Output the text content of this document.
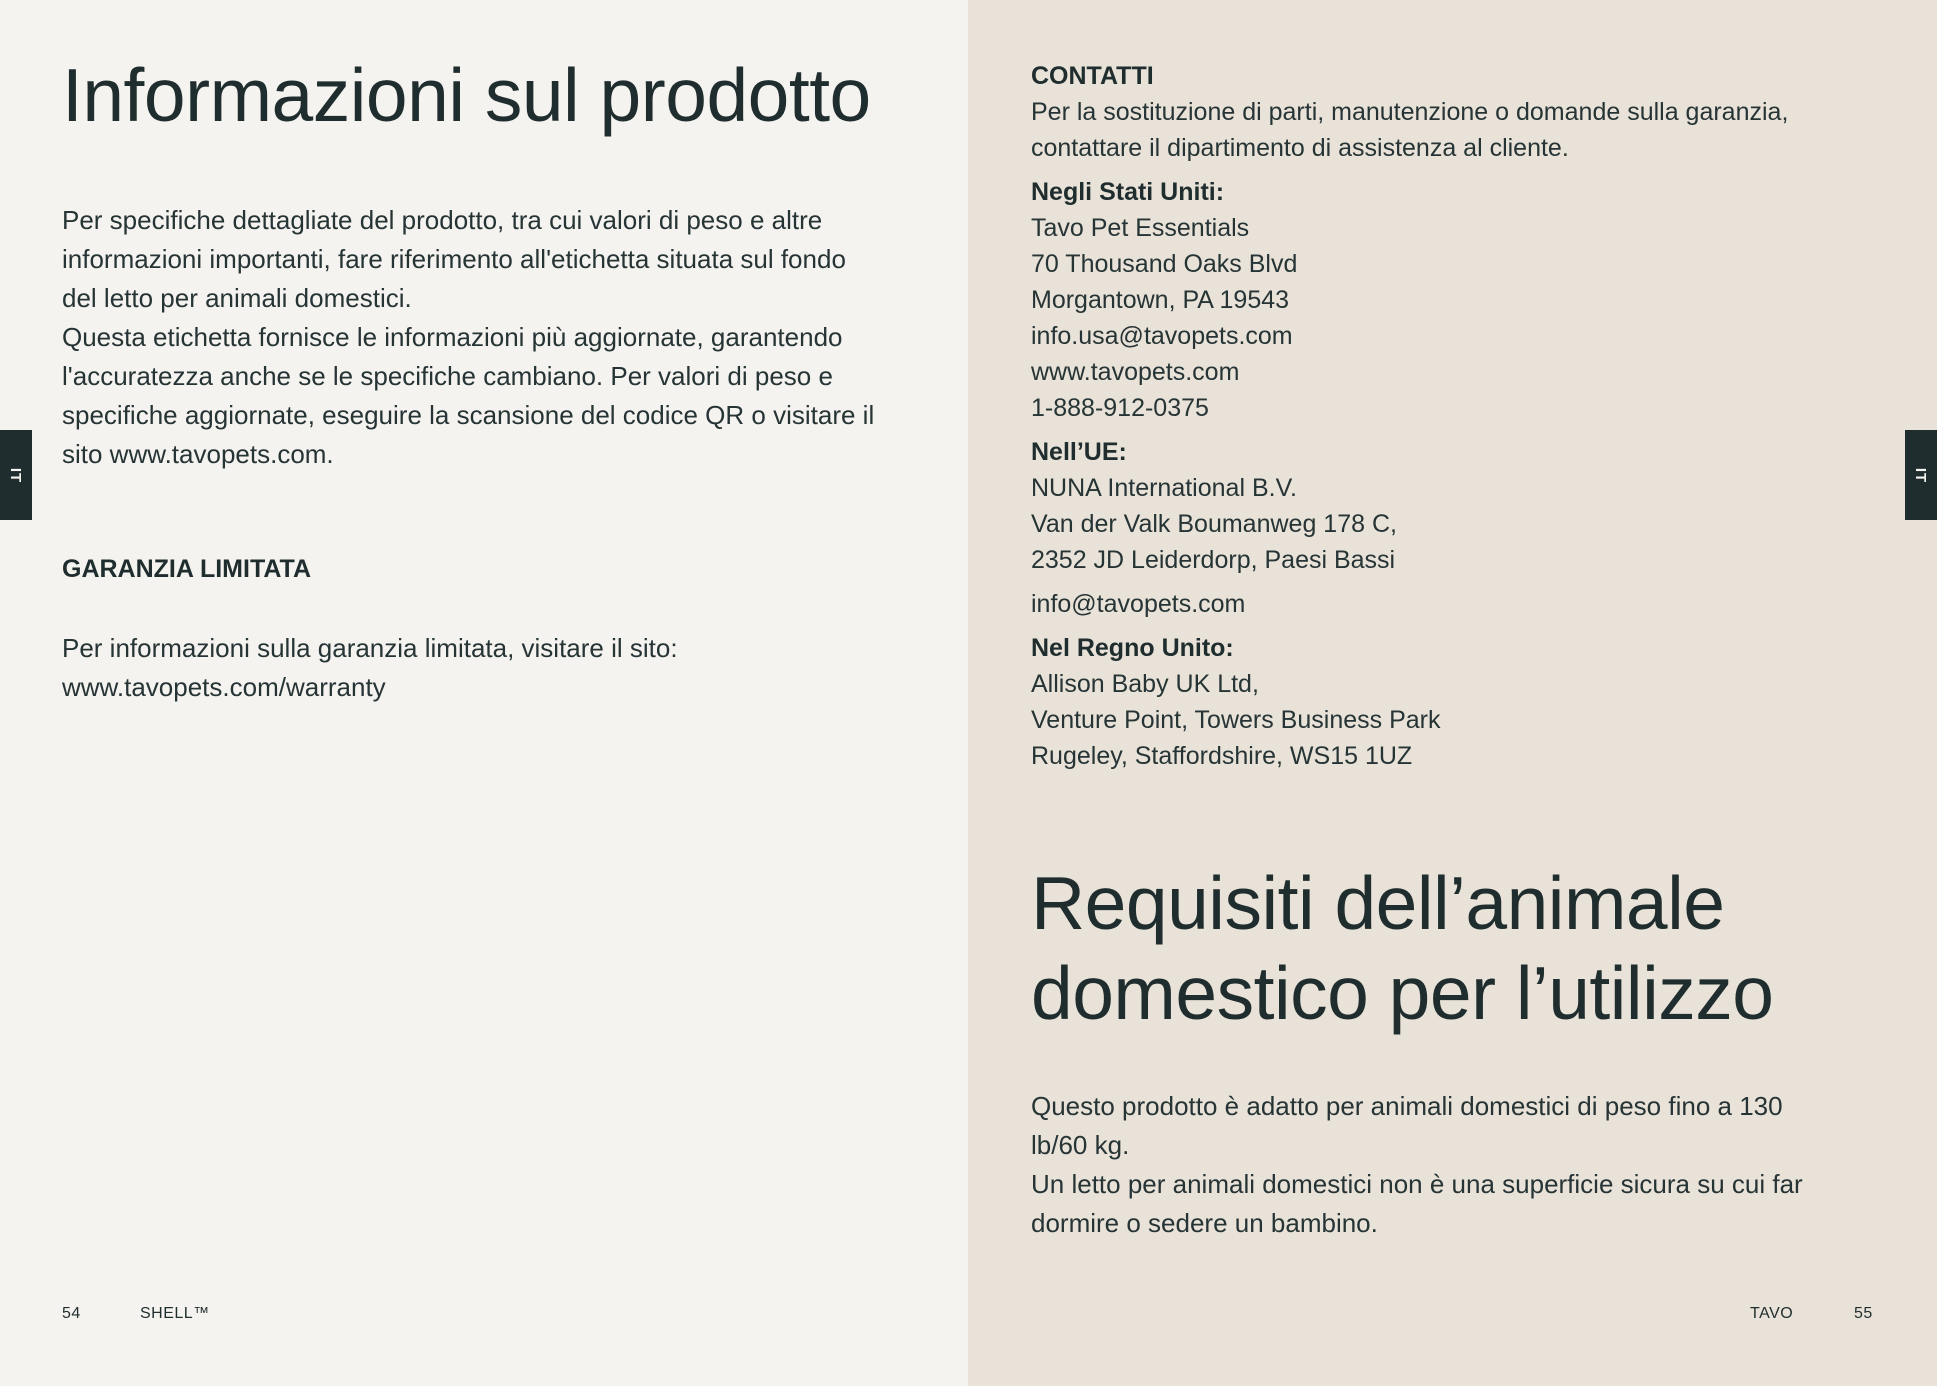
IT
Informazioni sul prodotto
Per specifiche dettagliate del prodotto, tra cui valori di peso e altre
informazioni importanti, fare riferimento all'etichetta situata sul fondo
del letto per animali domestici.
Questa etichetta fornisce le informazioni più aggiornate, garantendo
l'accuratezza anche se le specifiche cambiano. Per valori di peso e
specifiche aggiornate, eseguire la scansione del codice QR o visitare il
sito www.tavopets.com.
GARANZIA LIMITATA
Per informazioni sulla garanzia limitata, visitare il sito:
www.tavopets.com/warranty
54	SHELL™
IT
CONTATTI
Per la sostituzione di parti, manutenzione o domande sulla garanzia,
contattare il dipartimento di assistenza al cliente.
Negli Stati Uniti:
Tavo Pet Essentials
70 Thousand Oaks Blvd
Morgantown, PA 19543
info.usa@tavopets.com
www.tavopets.com
1-888-912-0375
Nell’UE:
NUNA International B.V.
Van der Valk Boumanweg 178 C,
2352 JD Leiderdorp, Paesi Bassi
info@tavopets.com
Nel Regno Unito:
Allison Baby UK Ltd,
Venture Point, Towers Business Park
Rugeley, Staffordshire, WS15 1UZ
Requisiti dell’animale
domestico per l’utilizzo
Questo prodotto è adatto per animali domestici di peso fino a 130
lb/60 kg.
Un letto per animali domestici non è una superficie sicura su cui far
dormire o sedere un bambino.
TAVO	55
